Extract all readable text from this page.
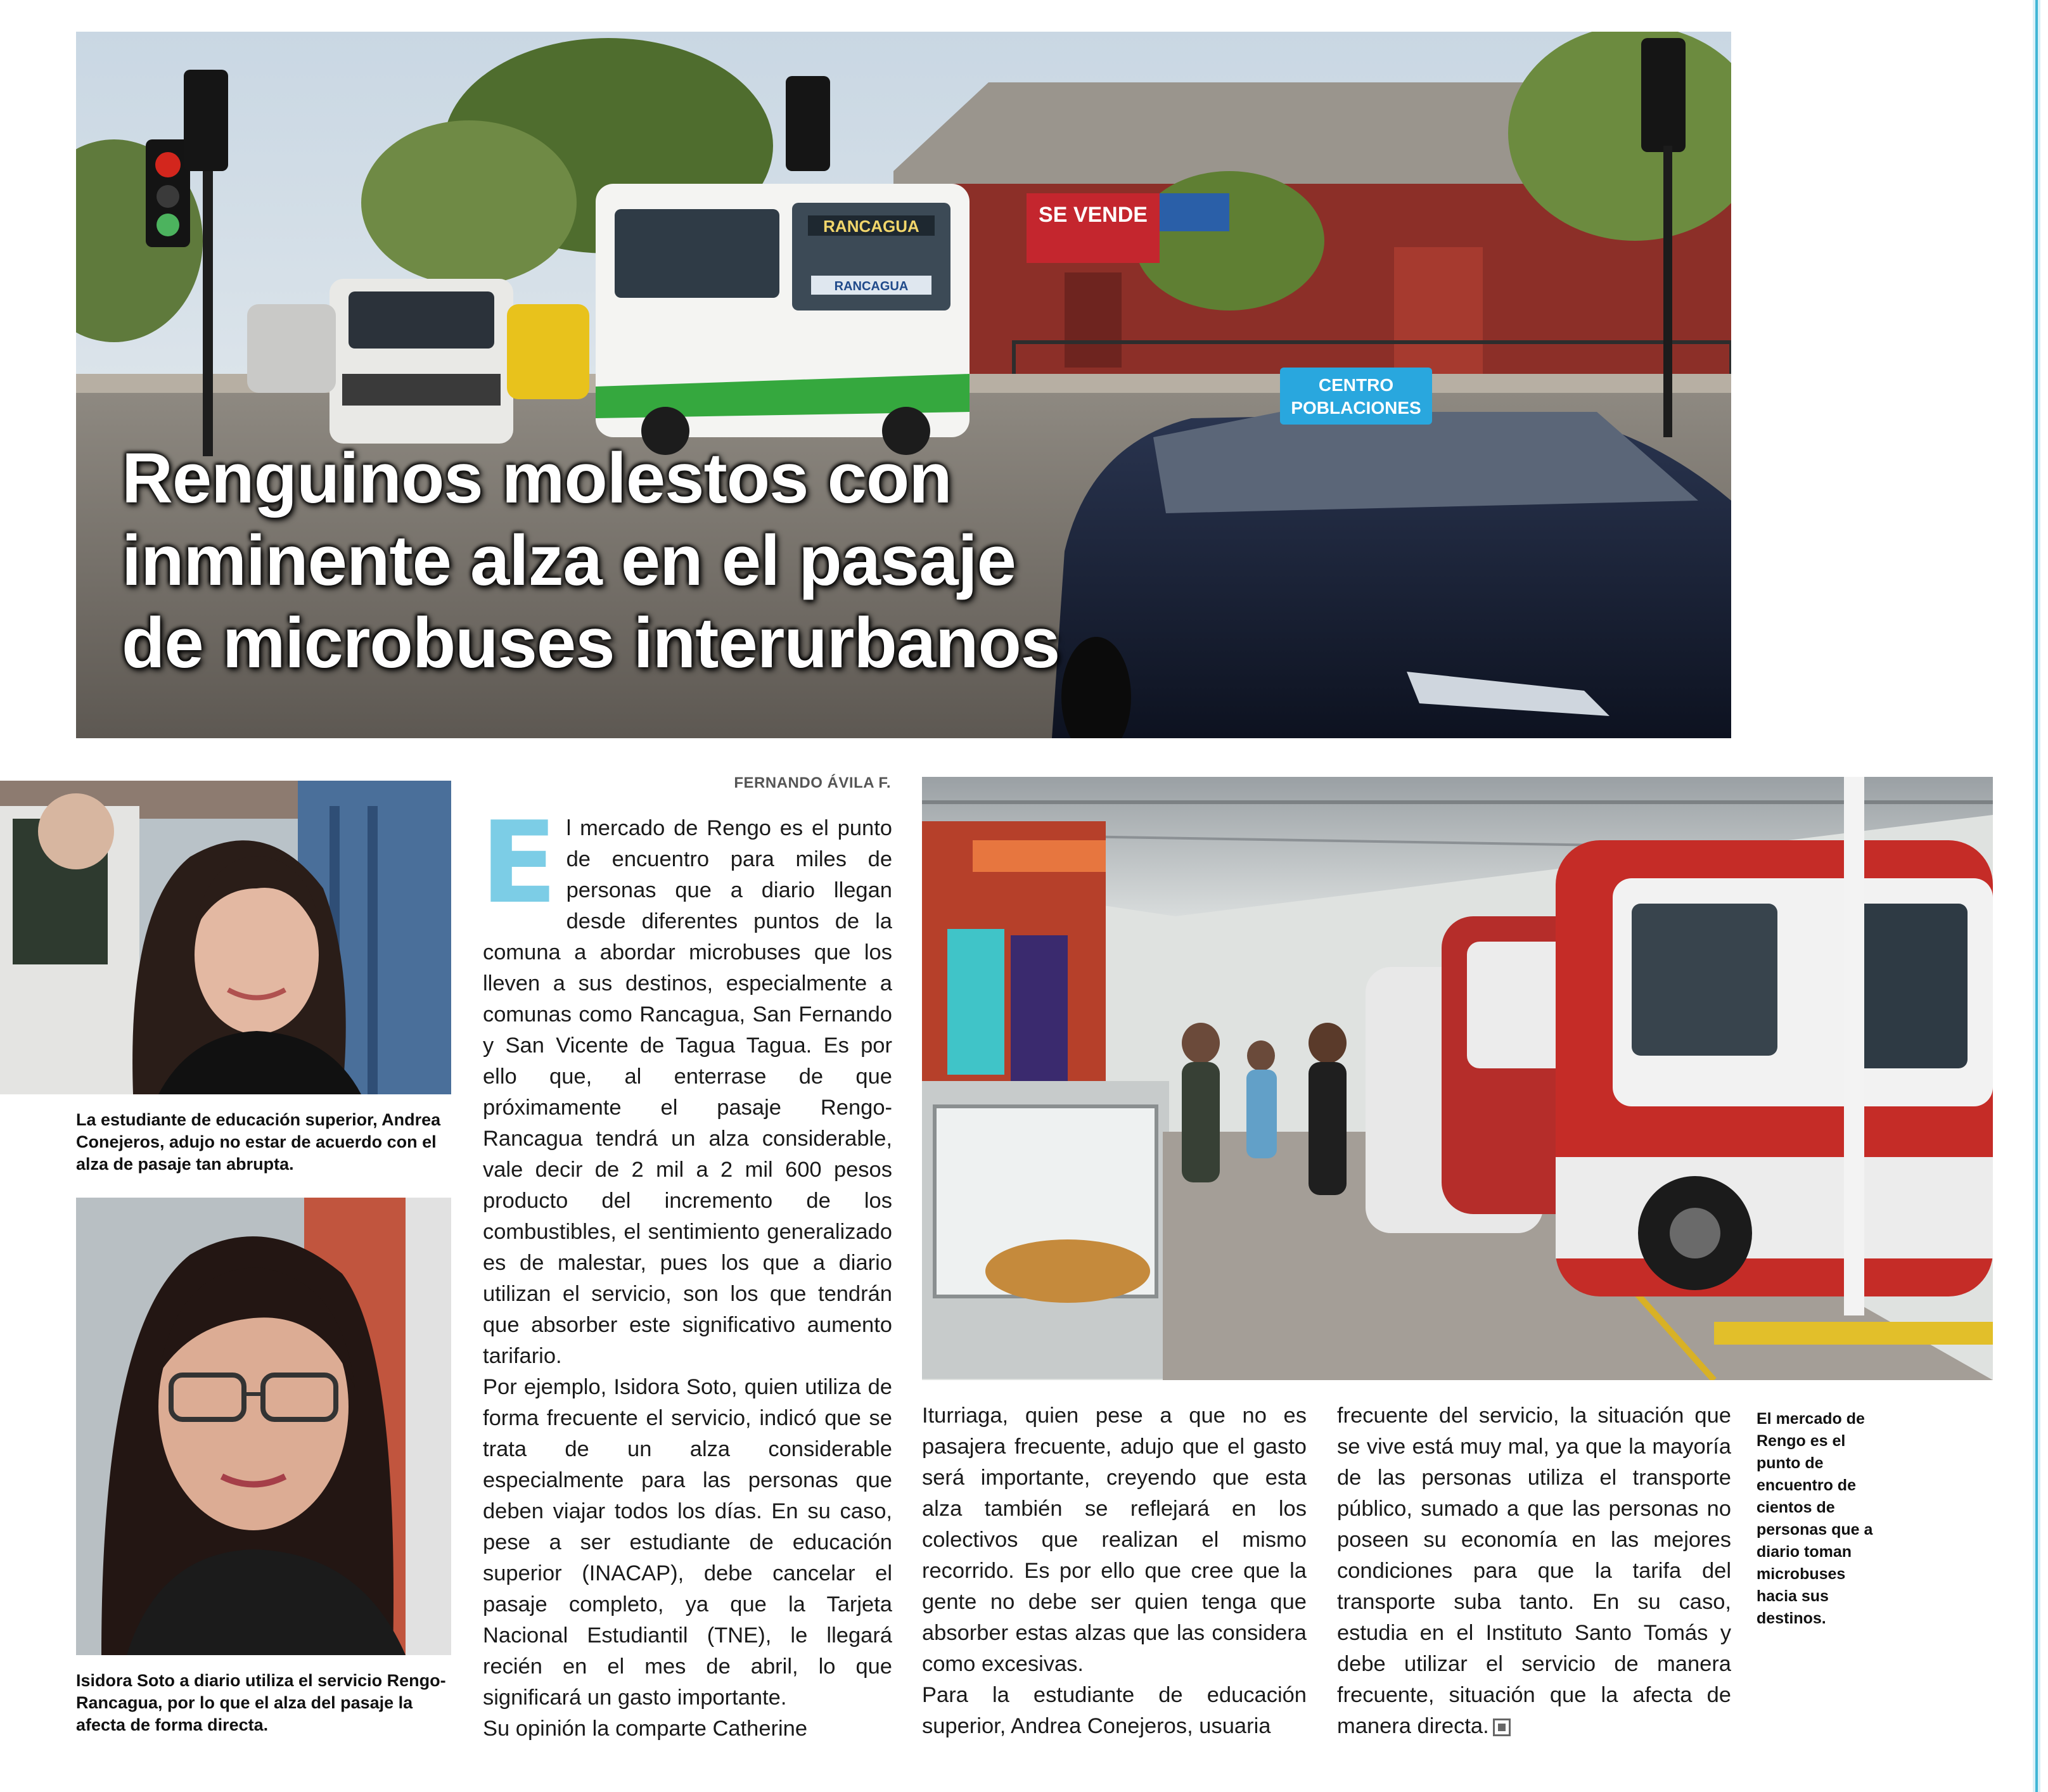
RANCAGUA
RANCAGUA
SE VENDE
CENTRO
POBLACIONES
Renguinos molestos con
inminente alza en el pasaje
de microbuses interurbanos

La estudiante de educación superior, Andrea Conejeros, adujo no estar de acuerdo con el alza de pasaje tan abrupta.

Isidora Soto a diario utiliza el servicio Rengo-Rancagua, por lo que el alza del pasaje la afecta de forma directa.

FERNANDO ÁVILA F.
E l mercado de Rengo es el punto de encuentro para miles de personas que a diario llegan desde diferentes puntos de la comuna a abordar microbuses que los lleven a sus destinos, especialmente a comunas como Rancagua, San Fernando y San Vicente de Tagua Tagua. Es por ello que, al enterrase de que próximamente el pasaje Rengo-Rancagua tendrá un alza considerable, vale decir de 2 mil a 2 mil 600 pesos producto del incremento de los combustibles, el sentimiento generalizado es de malestar, pues los que a diario utilizan el servicio, son los que tendrán que absorber este significativo aumento tarifario.

Por ejemplo, Isidora Soto, quien utiliza de forma frecuente el servicio, indicó que se trata de un alza considerable especialmente para las personas que deben viajar todos los días. En su caso, pese a ser estudiante de educación superior (INACAP), debe cancelar el pasaje completo, ya que la Tarjeta Nacional Estudiantil (TNE), le llegará recién en el mes de abril, lo que significará un gasto importante.

Su opinión la comparte Catherine

Iturriaga, quien pese a que no es pasajera frecuente, adujo que el gasto será importante, creyendo que esta alza también se reflejará en los colectivos que realizan el mismo recorrido. Es por ello que cree que la gente no debe ser quien tenga que absorber estas alzas que las considera como excesivas.

Para la estudiante de educación superior, Andrea Conejeros, usuaria

frecuente del servicio, la situación que se vive está muy mal, ya que la mayoría de las personas utiliza el transporte público, sumado a que las personas no poseen su economía en las mejores condiciones para que la tarifa del transporte suba tanto. En su caso, estudia en el Instituto Santo Tomás y debe utilizar el servicio de manera frecuente, situación que la afecta de manera directa.

El mercado de Rengo es el punto de encuentro de cientos de personas que a diario toman microbuses hacia sus destinos.
